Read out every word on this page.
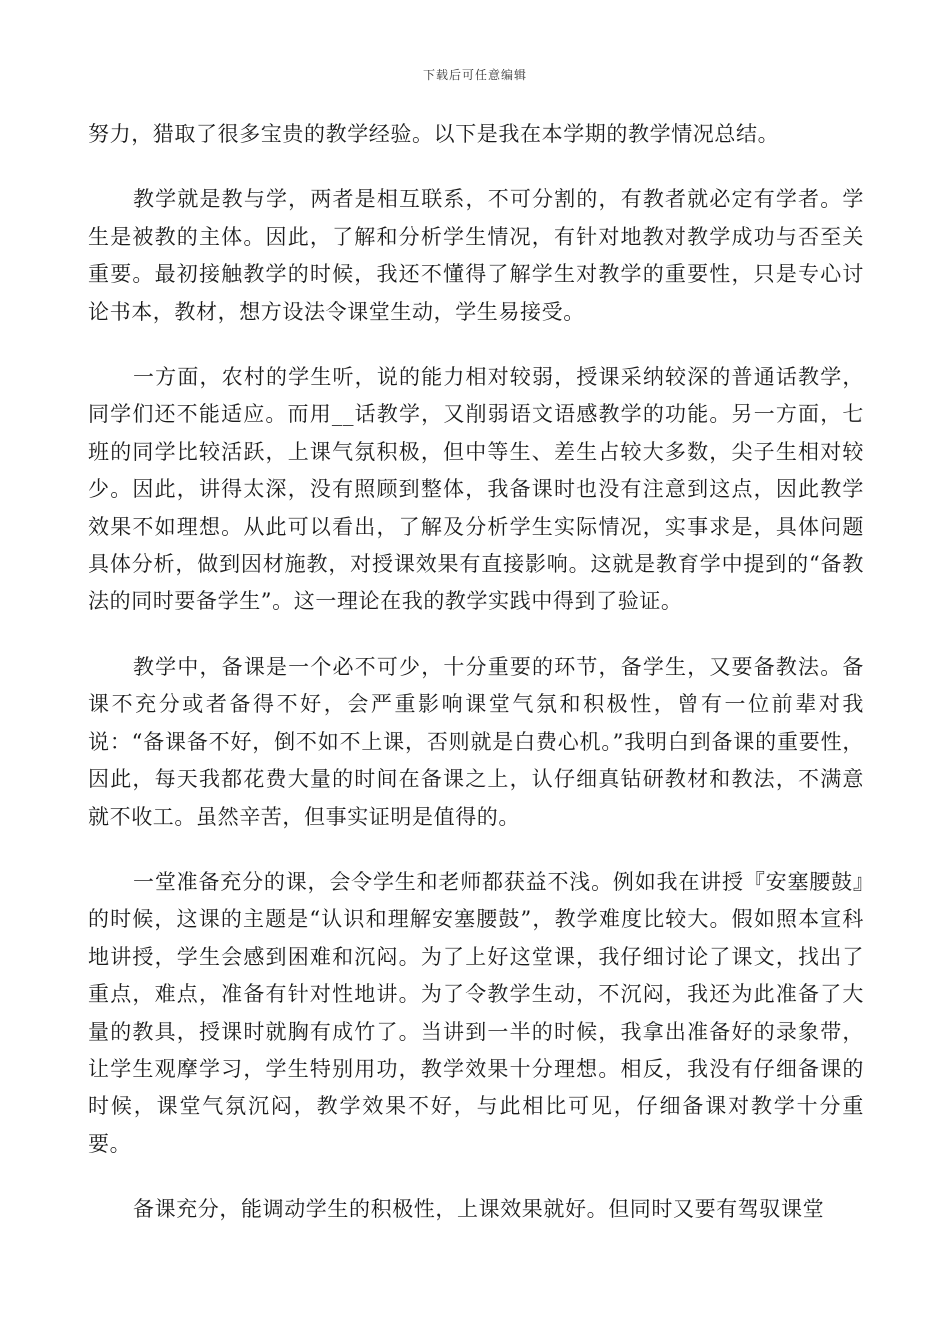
下载后可任意编辑

努力，猎取了很多宝贵的教学经验。以下是我在本学期的教学情况总结。

教学就是教与学，两者是相互联系，不可分割的，有教者就必定有学者。学生是被教的主体。因此，了解和分析学生情况，有针对地教对教学成功与否至关重要。最初接触教学的时候，我还不懂得了解学生对教学的重要性，只是专心讨论书本，教材，想方设法令课堂生动，学生易接受。

一方面，农村的学生听，说的能力相对较弱，授课采纳较深的普通话教学，同学们还不能适应。而用__话教学，又削弱语文语感教学的功能。另一方面，七班的同学比较活跃，上课气氛积极，但中等生、差生占较大多数，尖子生相对较少。因此，讲得太深，没有照顾到整体，我备课时也没有注意到这点，因此教学效果不如理想。从此可以看出，了解及分析学生实际情况，实事求是，具体问题具体分析，做到因材施教，对授课效果有直接影响。这就是教育学中提到的“备教法的同时要备学生”。这一理论在我的教学实践中得到了验证。

教学中，备课是一个必不可少，十分重要的环节，备学生，又要备教法。备课不充分或者备得不好，会严重影响课堂气氛和积极性，曾有一位前辈对我说：“备课备不好，倒不如不上课，否则就是白费心机。”我明白到备课的重要性，因此，每天我都花费大量的时间在备课之上，认仔细真钻研教材和教法，不满意就不收工。虽然辛苦，但事实证明是值得的。

一堂准备充分的课，会令学生和老师都获益不浅。例如我在讲授『安塞腰鼓』的时候，这课的主题是“认识和理解安塞腰鼓”，教学难度比较大。假如照本宣科地讲授，学生会感到困难和沉闷。为了上好这堂课，我仔细讨论了课文，找出了重点，难点，准备有针对性地讲。为了令教学生动，不沉闷，我还为此准备了大量的教具，授课时就胸有成竹了。当讲到一半的时候，我拿出准备好的录象带，让学生观摩学习，学生特别用功，教学效果十分理想。相反，我没有仔细备课的时候，课堂气氛沉闷，教学效果不好，与此相比可见，仔细备课对教学十分重要。

备课充分，能调动学生的积极性，上课效果就好。但同时又要有驾驭课堂
